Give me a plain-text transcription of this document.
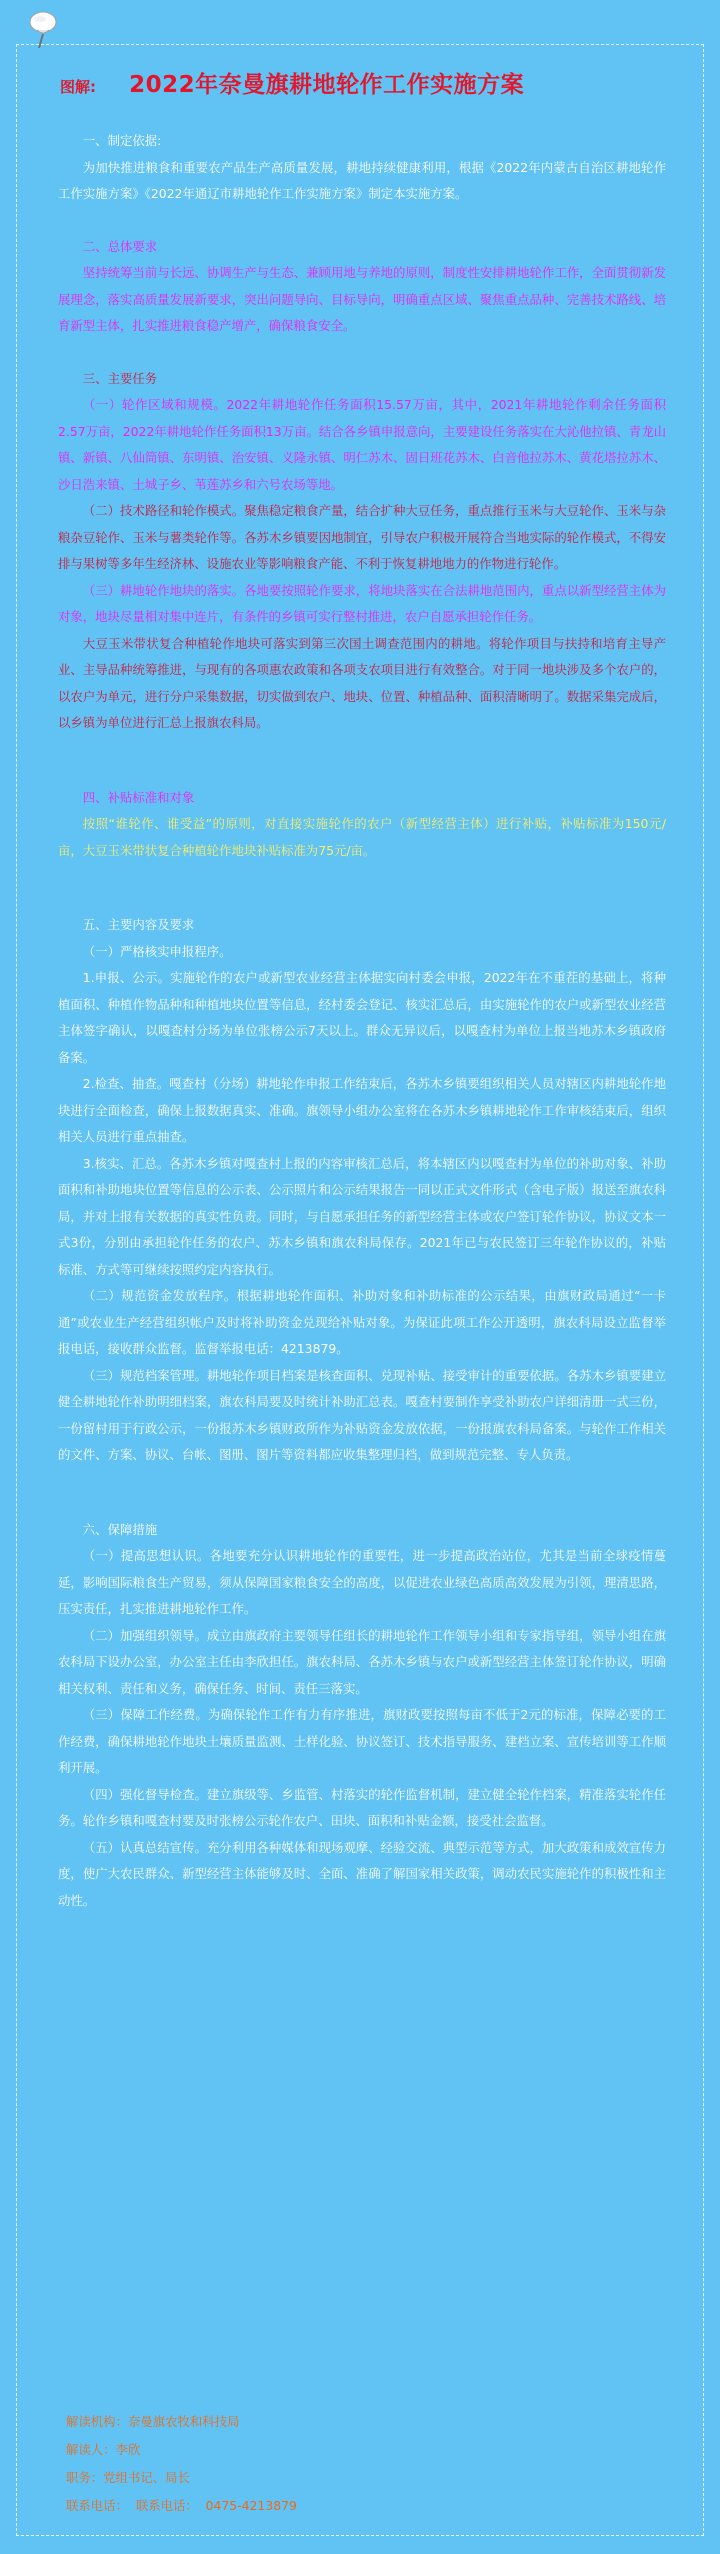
图解: 2022年奈曼旗耕地轮作工作实施方案

一、制定依据:

为加快推进粮食和重要农产品生产高质量发展，耕地持续健康利用，根据《2022年内蒙古自治区耕地轮作工作实施方案》《2022年通辽市耕地轮作工作实施方案》制定本实施方案。

二、总体要求

坚持统筹当前与长远、协调生产与生态、兼顾用地与养地的原则，制度性安排耕地轮作工作，全面贯彻新发展理念，落实高质量发展新要求，突出问题导向、目标导向，明确重点区域、聚焦重点品种、完善技术路线、培育新型主体，扎实推进粮食稳产增产，确保粮食安全。

三、主要任务

（一）轮作区域和规模。2022年耕地轮作任务面积15.57万亩，其中，2021年耕地轮作剩余任务面积2.57万亩，2022年耕地轮作任务面积13万亩。结合各乡镇申报意向，主要建设任务落实在大沁他拉镇、青龙山镇、新镇、八仙筒镇、东明镇、治安镇、义隆永镇、明仁苏木、固日班花苏木、白音他拉苏木、黄花塔拉苏木、沙日浩来镇、土城子乡、苇莲苏乡和六号农场等地。

（二）技术路径和轮作模式。聚焦稳定粮食产量，结合扩种大豆任务，重点推行玉米与大豆轮作、玉米与杂粮杂豆轮作、玉米与薯类轮作等。各苏木乡镇要因地制宜，引导农户积极开展符合当地实际的轮作模式，不得安排与果树等多年生经济林、设施农业等影响粮食产能、不利于恢复耕地地力的作物进行轮作。

（三）耕地轮作地块的落实。各地要按照轮作要求，将地块落实在合法耕地范围内，重点以新型经营主体为对象，地块尽量相对集中连片，有条件的乡镇可实行整村推进，农户自愿承担轮作任务。

大豆玉米带状复合种植轮作地块可落实到第三次国土调查范围内的耕地。将轮作项目与扶持和培育主导产业、主导品种统筹推进，与现有的各项惠农政策和各项支农项目进行有效整合。对于同一地块涉及多个农户的，以农户为单元，进行分户采集数据，切实做到农户、地块、位置、种植品种、面积清晰明了。数据采集完成后，以乡镇为单位进行汇总上报旗农科局。

四、补贴标准和对象

按照“谁轮作、谁受益”的原则，对直接实施轮作的农户（新型经营主体）进行补贴，补贴标准为150元/亩，大豆玉米带状复合种植轮作地块补贴标准为75元/亩。

五、主要内容及要求

（一）严格核实申报程序。

1.申报、公示。实施轮作的农户或新型农业经营主体据实向村委会申报，2022年在不重茬的基础上，将种植面积、种植作物品种和种植地块位置等信息，经村委会登记、核实汇总后，由实施轮作的农户或新型农业经营主体签字确认，以嘎查村分场为单位张榜公示7天以上。群众无异议后，以嘎查村为单位上报当地苏木乡镇政府备案。

2.检查、抽查。嘎查村（分场）耕地轮作申报工作结束后，各苏木乡镇要组织相关人员对辖区内耕地轮作地块进行全面检查，确保上报数据真实、准确。旗领导小组办公室将在各苏木乡镇耕地轮作工作审核结束后，组织相关人员进行重点抽查。

3.核实、汇总。各苏木乡镇对嘎查村上报的内容审核汇总后，将本辖区内以嘎查村为单位的补助对象、补助面积和补助地块位置等信息的公示表、公示照片和公示结果报告一同以正式文件形式（含电子版）报送至旗农科局，并对上报有关数据的真实性负责。同时，与自愿承担任务的新型经营主体或农户签订轮作协议，协议文本一式3份，分别由承担轮作任务的农户、苏木乡镇和旗农科局保存。2021年已与农民签订三年轮作协议的，补贴标准、方式等可继续按照约定内容执行。

（二）规范资金发放程序。根据耕地轮作面积、补助对象和补助标准的公示结果，由旗财政局通过“一卡通”或农业生产经营组织帐户及时将补助资金兑现给补贴对象。为保证此项工作公开透明，旗农科局设立监督举报电话，接收群众监督。监督举报电话：4213879。

（三）规范档案管理。耕地轮作项目档案是核查面积、兑现补贴、接受审计的重要依据。各苏木乡镇要建立健全耕地轮作补助明细档案，旗农科局要及时统计补助汇总表。嘎查村要制作享受补助农户详细清册一式三份，一份留村用于行政公示，一份报苏木乡镇财政所作为补贴资金发放依据，一份报旗农科局备案。与轮作工作相关的文件、方案、协议、台帐、图册、图片等资料都应收集整理归档，做到规范完整、专人负责。

六、保障措施

（一）提高思想认识。各地要充分认识耕地轮作的重要性，进一步提高政治站位，尤其是当前全球疫情蔓延，影响国际粮食生产贸易，须从保障国家粮食安全的高度，以促进农业绿色高质高效发展为引领，理清思路，压实责任，扎实推进耕地轮作工作。

（二）加强组织领导。成立由旗政府主要领导任组长的耕地轮作工作领导小组和专家指导组，领导小组在旗农科局下设办公室，办公室主任由李欣担任。旗农科局、各苏木乡镇与农户或新型经营主体签订轮作协议，明确相关权利、责任和义务，确保任务、时间、责任三落实。

（三）保障工作经费。为确保轮作工作有力有序推进，旗财政要按照每亩不低于2元的标准，保障必要的工作经费，确保耕地轮作地块土壤质量监测、土样化验、协议签订、技术指导服务、建档立案、宣传培训等工作顺利开展。

（四）强化督导检查。建立旗级等、乡监管、村落实的轮作监督机制，建立健全轮作档案，精准落实轮作任务。轮作乡镇和嘎查村要及时张榜公示轮作农户、田块、面积和补贴金额，接受社会监督。

（五）认真总结宣传。充分利用各种媒体和现场观摩、经验交流、典型示范等方式，加大政策和成效宣传力度，使广大农民群众、新型经营主体能够及时、全面、准确了解国家相关政策，调动农民实施轮作的积极性和主动性。

解读机构：奈曼旗农牧和科技局

解读人：李欣

职务：党组书记、局长

联系电话：  联系电话：  0475-4213879
